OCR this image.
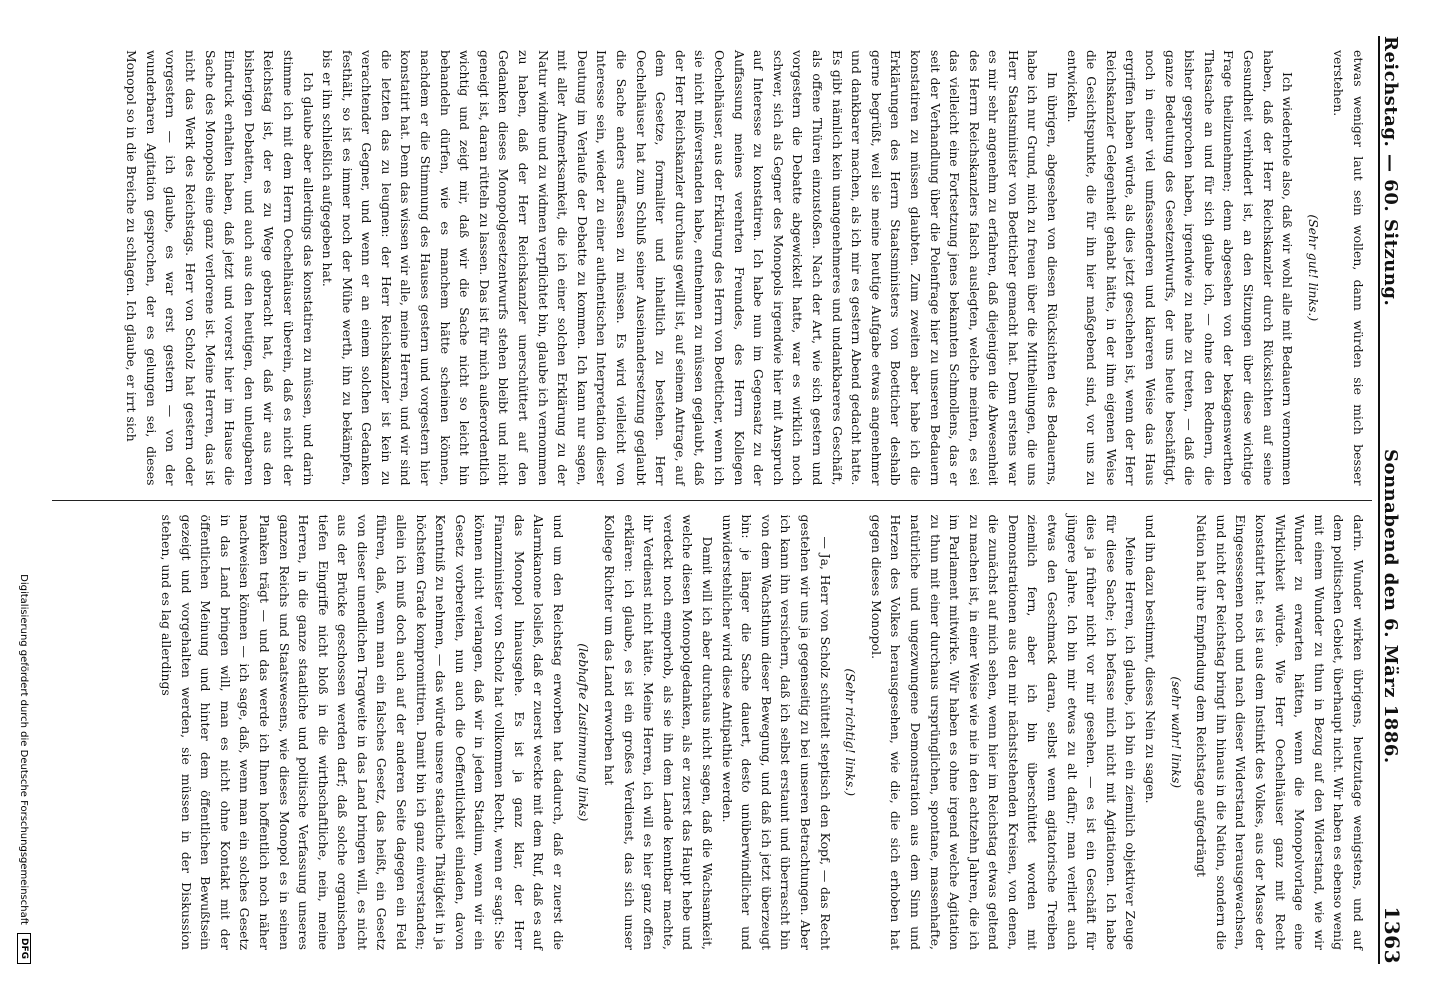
Reichstag. — 60. Sitzung.
Sonnabend den 6. März 1886.
1363

etwas weniger laut sein wollen, dann würden sie mich besser verstehen.

(Sehr gut! links.)

Ich wiederhole also, daß wir wohl alle mit Bedauern vernommen haben, daß der Herr Reichskanzler durch Rücksichten auf seine Gesundheit verhindert ist, an den Sitzungen über diese wichtige Frage theilzunehmen; denn abgesehen von der bekagenswerthen Thatsache an und für sich glaube ich, — ohne den Rednern, die bisher gesprochen haben, irgendwie zu nahe zu treten, — daß die ganze Bedeutung des Gesetzentwurfs, der uns heute beschäftigt, noch in einer viel umfassenderen und klareren Weise das Haus ergriffen haben würde, als dies jetzt geschehen ist, wenn der Herr Reichskanzler Gelegenheit gehabt hätte, in der ihm eigenen Weise die Gesichtspunkte, die für ihn hier maßgebend sind, vor uns zu entwickeln.

Im übrigen, abgesehen von diesen Rücksichten des Bedauerns, habe ich nur Grund, mich zu freuen über die Mittheilungen, die uns Herr Staatsminister von Boetticher gemacht hat. Denn erstens war es mir sehr angenehm zu erfahren, daß diejenigen die Abwesenheit des Herrn Reichskanzlers falsch auslegten, welche meinten, es sei das vielleicht eine Fortsetzung jenes bekannten Schmollens, das er seit der Verhandlung über die Polenfrage hier zu unseren Bedauern konstatiren zu müssen glaubten. Zum zweiten aber habe ich die Erklärungen des Herrn Staatsministers von Boetticher deshalb gerne begrüßt, weil sie meine heutige Aufgabe etwas angenehmer und dankbarer machen, als ich mir es gestern Abend gedacht hatte. Es gibt nämlich kein unangenehmeres und undankbareres Geschäft, als offene Thüren einzustoßen. Nach der Art, wie sich gestern und vorgestern die Debatte abgewickelt hatte, war es wirklich noch schwer, sich als Gegner des Monopols irgendwie hier mit Anspruch auf Interesse zu konstatiren. Ich habe nun im Gegensatz zu der Auffassung meines verehrten Freundes, des Herrn Kollegen Oechelhäuser, aus der Erklärung des Herrn von Boetticher, wenn ich sie nicht mißverstanden habe, entnehmen zu müssen geglaubt, daß der Herr Reichskanzler durchaus gewillt ist, auf seinem Antrage, auf dem Gesetze, formaliter und inhaltlich zu bestehen. Herr Oechelhäuser hat zum Schluß seiner Auseinandersetzung geglaubt die Sache anders auffassen zu müssen. Es wird vielleicht von Interesse sein, wieder zu einer authentischen Interpretation dieser Deutung im Verlaufe der Debatte zu kommen. Ich kann nur sagen, mit aller Aufmerksamkeit, die ich einer solchen Erklärung zu der Natur widme und zu widmen verpflichtet bin, glaube ich vernommen zu haben, daß der Herr Reichskanzler unerschüttert auf den Gedanken dieses Monopolgesetzentwurfs stehen bleibt und nicht geneigt ist, daran rütteln zu lassen. Das ist für mich außerordentlich wichtig und zeigt mir, daß wir die Sache nicht so leicht hin behandeln dürfen, wie es manchem hätte scheinen können, nachdem er die Stimmung des Hauses gestern und vorgestern hier konstatirt hat. Denn das wissen wir alle, meine Herren, und wir sind die letzten das zu leugnen: der Herr Reichskanzler ist kein zu verachtender Gegner, und wenn er an einem solchen Gedanken festhält, so ist es immer noch der Mühe werth, ihn zu bekämpfen, bis er ihn schließlich aufgegeben hat.

Ich glaube aber allerdings das konstatiren zu müssen, und darin stimme ich mit dem Herrn Oechelhäuser überein, daß es nicht der Reichstag ist, der es zu Wege gebracht hat, daß wir aus den bisherigen Debatten, und auch aus den heutigen, den unleugbaren Eindruck erhalten haben, daß jetzt und vorerst hier im Hause die Sache des Monopols eine ganz verlorene ist. Meine Herren, das ist nicht das Werk des Reichstags. Herr von Scholz hat gestern oder vorgestern — ich glaube, es war erst gestern — von der wunderbaren Agitation gesprochen, der es gelungen sei, dieses Monopol so in die Breiche zu schlagen. Ich glaube, er irrt sich

darin. Wunder wirken übrigens, heutzutage wenigstens, und auf dem politischen Gebiet, überhaupt nicht. Wir haben es ebenso wenig mit einem Wunder zu thun in Bezug auf den Widerstand, wie wir Wunder zu erwarten hätten, wenn die Monopolvorlage eine Wirklichkeit würde. Wie Herr Oechelhäuser ganz mit Recht konstatirt hat: es ist aus dem Instinkt des Volkes, aus der Masse der Eingesessenen noch und nach dieser Widerstand herausgewachsen, und nicht der Reichstag bringt ihn hinaus in die Nation, sondern die Nation hat ihre Empfindung dem Reichstage aufgedrängt

(sehr wahr! links)

und ihn dazu bestimmt, dieses Nein zu sagen.

Meine Herren, ich glaube, ich bin ein ziemlich objektiver Zeuge für diese Sache; ich befasse mich nicht mit Agitationen. Ich habe dies ja früher nicht vor mir gesehen. — es ist ein Geschäft für jüngere Jahre. Ich bin mir etwas zu alt dafür; man verliert auch etwas den Geschmack daran, selbst wenn agitatorische Treiben ziemlich fern, aber ich bin überschüttet worden mit Demonstrationen aus den mir nächststehenden Kreisen, von denen, die zunächst auf mich sehen, wenn hier im Reichstag etwas geltend zu machen ist, in einer Weise wie nie in den achtzehn Jahren, die ich im Parlament mitwirke. Wir haben es ohne irgend welche Agitation zu thun mit einer durchaus ursprünglichen, spontane, massenhafte, natürliche und ungezwungene Demonstration aus dem Sinn und Herzen des Volkes herausgesehen, wie die, die sich erhoben hat gegen dieses Monopol.

(Sehr richtig! links.)

— Ja, Herr von Scholz schüttelt steptisch den Kopf, — das Recht gestehen wir uns ja gegenseitig zu bei unseren Betrachtungen. Aber ich kann ihn versichern, daß ich selbst erstaunt und überrascht bin von dem Wachsthum dieser Bewegung, und daß ich jetzt überzeugt bin: je länger die Sache dauert, desto unüberwindlicher und unwiderstehlicher wird diese Antipathie werden.

Damit will ich aber durchaus nicht sagen, daß die Wachsamkeit, welche diesen Monopolgedanken, als er zuerst das Haupt hebe und verdeckt noch emporhob, als sie ihn dem Lande kenntbar machte, ihr Verdienst nicht hätte. Meine Herren, ich will es hier ganz offen erklären: ich glaube, es ist ein großes Verdienst, das sich unser Kollege Richter um das Land erworben hat

(lebhafte Zustimmung links)

und um den Reichstag erworben hat dadurch, daß er zuerst die Alarmkanone losließ, daß er zuerst weckte mit dem Ruf, daß es auf das Monopol hinausgehe. Es ist ja ganz klar, der Herr Finanzminister von Scholz hat vollkommen Recht, wenn er sagt: Sie können nicht verlangen, daß wir in jedem Stadium, wenn wir ein Gesetz vorbereiten, nun auch die Oeffentlichkeit einladen, davon Kenntniß zu nehmen, — das würde unsere staatliche Thätigkeit in ja höchstem Grade kompromittiren. Damit bin ich ganz einverstanden; allein ich muß doch auch auf der anderen Seite dagegen ein Feld führen, daß, wenn man ein falsches Gesetz, das heißt, ein Gesetz von dieser unendlichen Tragweite in das Land bringen will, es nicht aus der Brücke geschossen werden darf; daß solche organischen tiefen Eingriffe nicht bloß in die wirthschaftliche, nein, meine Herren, in die ganze staatliche und politische Verfassung unseres ganzen Reichs und Staatswesens, wie dieses Monopol es in seinen Planken trägt — und das werde ich Ihnen hoffentlich noch näher nachweisen können — ich sage, daß, wenn man ein solches Gesetz in das Land bringen will, man es nicht ohne Kontakt mit der öffentlichen Meinung und hinter dem öffentlichen Bewußtsein gezeigt und vorgehalten werden, sie müssen in der Diskussion stehen, und es lag allerdings

Digitalisierung gefördert durch die Deutsche Forschungsgemeinschaft
DFG
